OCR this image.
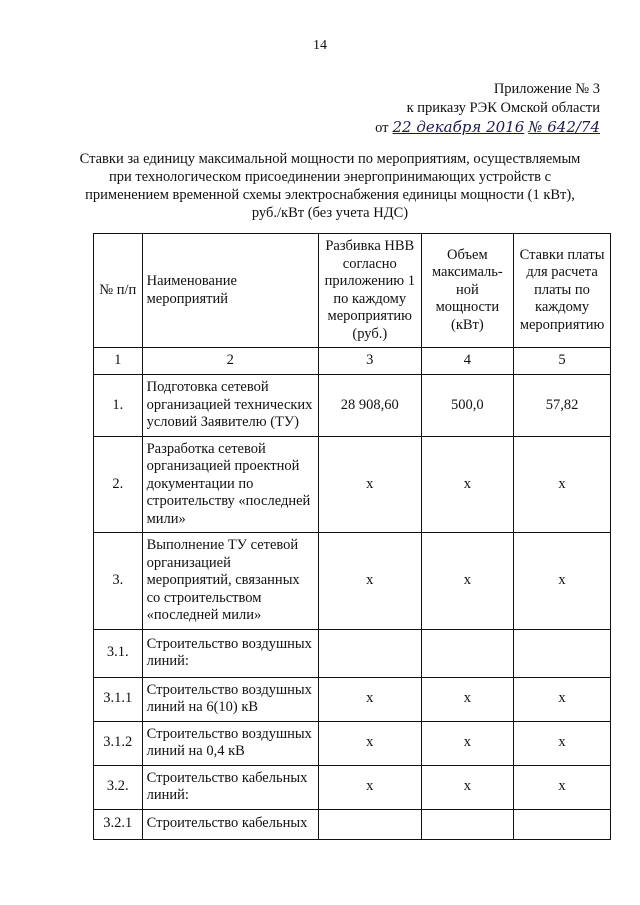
14
Приложение № 3
к приказу РЭК Омской области
от 22 декабря 2016 № 642/74
Ставки за единицу максимальной мощности по мероприятиям, осуществляемым при технологическом присоединении энергопринимающих устройств с применением временной схемы электроснабжения единицы мощности (1 кВт), руб./кВт (без учета НДС)
№ п/п	Наименование мероприятий	Разбивка НВВ согласно приложению 1 по каждому мероприятию (руб.)	Объем максималь-ной мощности (кВт)	Ставки платы для расчета платы по каждому мероприятию
1	2	3	4	5
1.	Подготовка сетевой организацией технических условий Заявителю (ТУ)	28 908,60	500,0	57,82
2.	Разработка сетевой организацией проектной документации по строительству «последней мили»	х	х	х
3.	Выполнение ТУ сетевой организацией мероприятий, связанных со строительством «последней мили»	х	х	х
3.1.	Строительство воздушных линий:			
3.1.1	Строительство воздушных линий на 6(10) кВ	х	х	х
3.1.2	Строительство воздушных линий на 0,4 кВ	х	х	х
3.2.	Строительство кабельных линий:	х	х	х
3.2.1	Строительство кабельных			
